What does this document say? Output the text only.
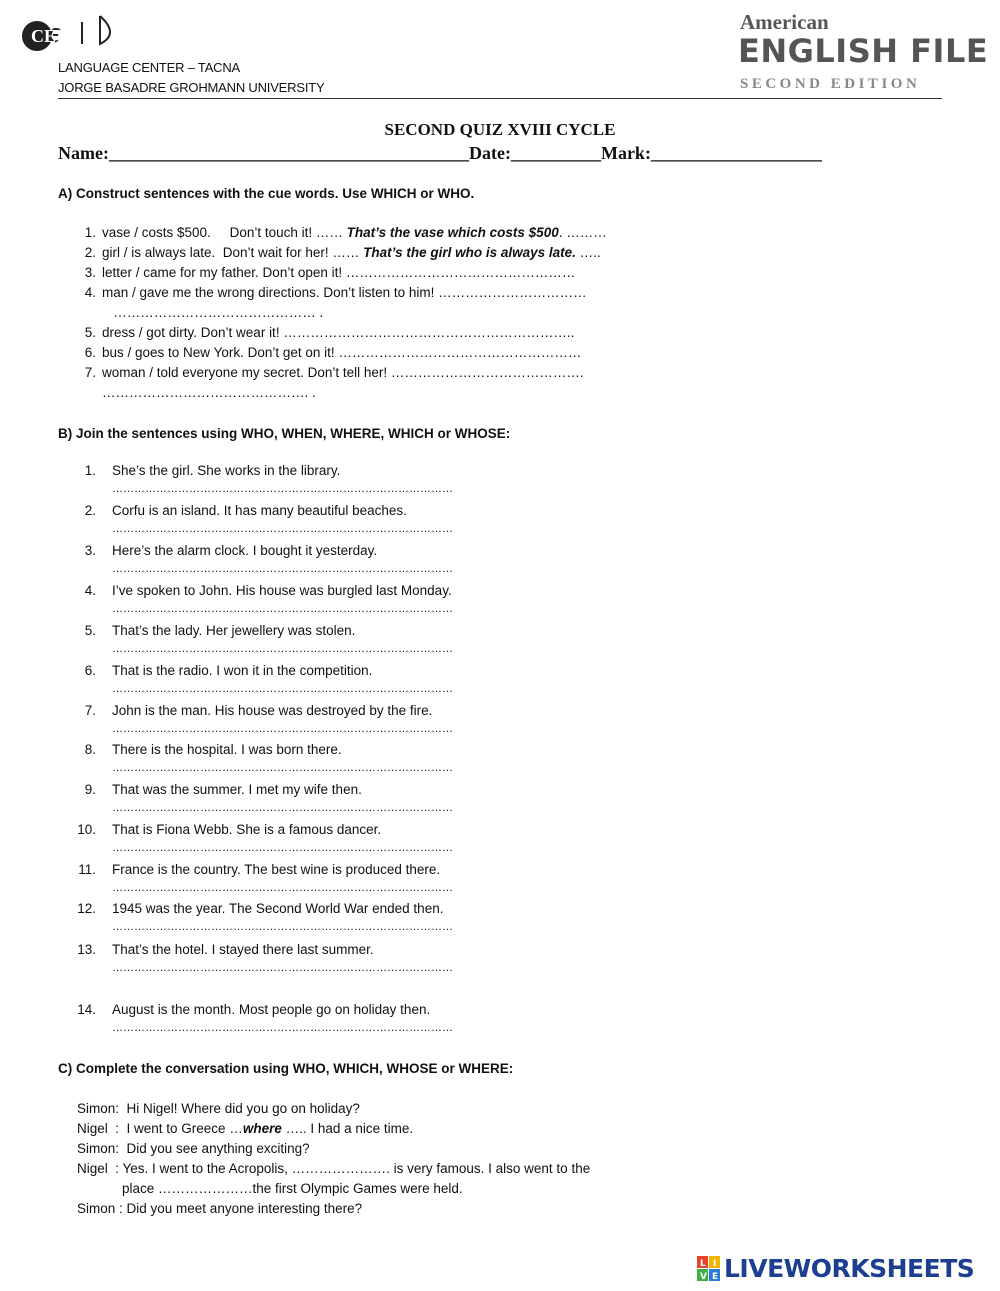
CEID
LANGUAGE CENTER – TACNA
JORGE BASADRE GROHMANN UNIVERSITY
American
ENGLISH FILE
SECOND EDITION
SECOND QUIZ XVIII CYCLE
Name:________________________________________Date:__________Mark:___________________
A) Construct sentences with the cue words. Use WHICH or WHO.
1. vase / costs $500.     Don’t touch it! …… That’s the vase which costs $500. ………
2. girl / is always late.  Don’t wait for her! …… That’s the girl who is always late. …..
3. letter / came for my father. Don’t open it! ……………………………………………
4. man / gave me the wrong directions. Don’t listen to him! ……………………………
……………………………………… .
5. dress / got dirty. Don’t wear it! ………………………………………………………..
6. bus / goes to New York. Don’t get on it! ………………………………………………
7. woman / told everyone my secret. Don’t tell her! …………………………………….
………………………………………. .
B) Join the sentences using WHO, WHEN, WHERE, WHICH or WHOSE:
1. She’s the girl. She works in the library.
…………………………………………………………………………………
2. Corfu is an island. It has many beautiful beaches.
…………………………………………………………………………………
3. Here’s the alarm clock. I bought it yesterday.
…………………………………………………………………………………
4. I’ve spoken to John. His house was burgled last Monday.
…………………………………………………………………………………
5. That’s the lady. Her jewellery was stolen.
…………………………………………………………………………………
6. That is the radio. I won it in the competition.
…………………………………………………………………………………
7. John is the man. His house was destroyed by the fire.
…………………………………………………………………………………
8. There is the hospital. I was born there.
…………………………………………………………………………………
9. That was the summer. I met my wife then.
…………………………………………………………………………………
10. That is Fiona Webb. She is a famous dancer.
…………………………………………………………………………………
11. France is the country. The best wine is produced there.
…………………………………………………………………………………
12. 1945 was the year. The Second World War ended then.
…………………………………………………………………………………
13. That’s the hotel. I stayed there last summer.
…………………………………………………………………………………
14. August is the month. Most people go on holiday then.
…………………………………………………………………………………
C) Complete the conversation using WHO, WHICH, WHOSE or WHERE:
Simon:  Hi Nigel! Where did you go on holiday?
Nigel  :  I went to Greece …where ….. I had a nice time.
Simon:  Did you see anything exciting?
Nigel  : Yes. I went to the Acropolis, …………………. is very famous. I also went to the
place …………………the first Olympic Games were held.
Simon : Did you meet anyone interesting there?
L I
V E LIVEWORKSHEETS
